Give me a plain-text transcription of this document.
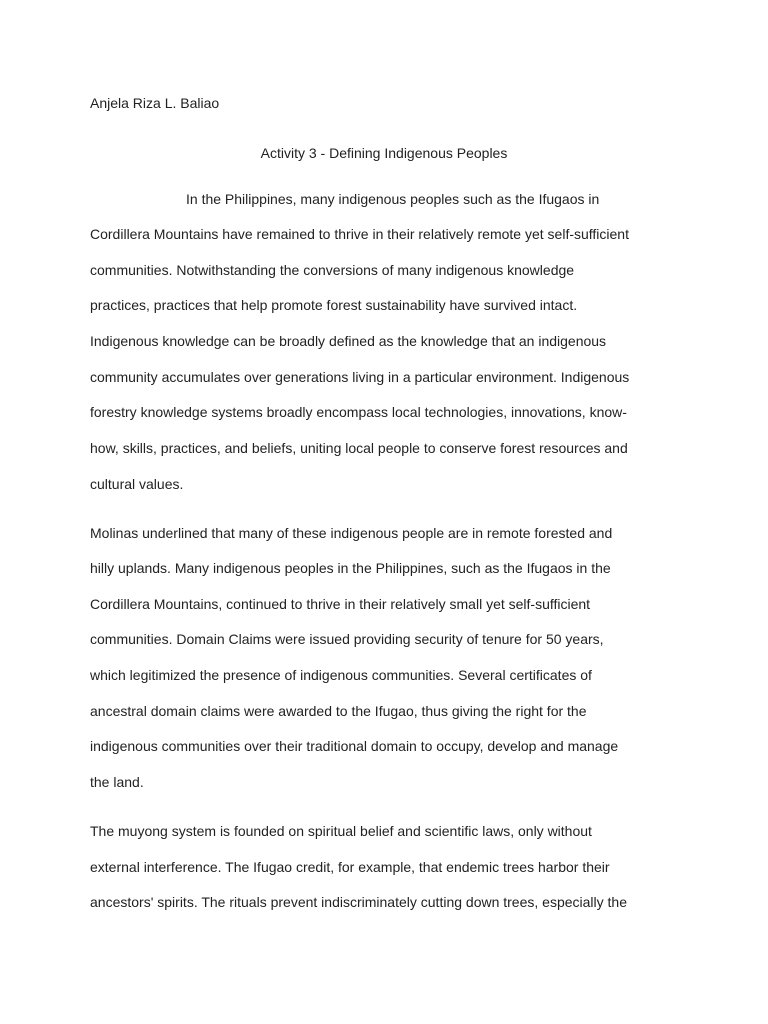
Anjela Riza L. Baliao
Activity 3 - Defining Indigenous Peoples
In the Philippines, many indigenous peoples such as the Ifugaos in
Cordillera Mountains have remained to thrive in their relatively remote yet self-sufficient
communities. Notwithstanding the conversions of many indigenous knowledge
practices, practices that help promote forest sustainability have survived intact.
Indigenous knowledge can be broadly defined as the knowledge that an indigenous
community accumulates over generations living in a particular environment. Indigenous
forestry knowledge systems broadly encompass local technologies, innovations, know-
how, skills, practices, and beliefs, uniting local people to conserve forest resources and
cultural values.
Molinas underlined that many of these indigenous people are in remote forested and
hilly uplands. Many indigenous peoples in the Philippines, such as the Ifugaos in the
Cordillera Mountains, continued to thrive in their relatively small yet self-sufficient
communities. Domain Claims were issued providing security of tenure for 50 years,
which legitimized the presence of indigenous communities. Several certificates of
ancestral domain claims were awarded to the Ifugao, thus giving the right for the
indigenous communities over their traditional domain to occupy, develop and manage
the land.
The muyong system is founded on spiritual belief and scientific laws, only without
external interference. The Ifugao credit, for example, that endemic trees harbor their
ancestors' spirits. The rituals prevent indiscriminately cutting down trees, especially the
